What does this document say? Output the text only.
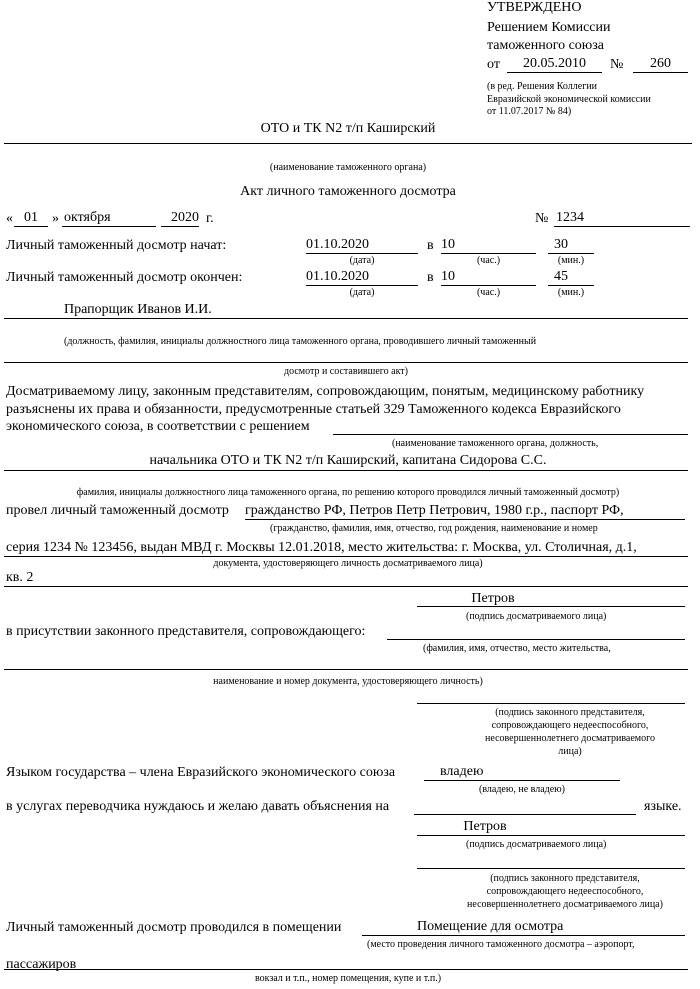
УТВЕРЖДЕНО
Решением Комиссии
таможенного союза
от	20.05.2010	№	260
(в ред. Решения Коллегии
Евразийской экономической комиссии
от 11.07.2017 № 84)
ОТО и ТК N2 т/п Каширский
(наименование таможенного органа)
Акт личного таможенного досмотра
« 01	» октября	2020 г.	№ 1234
Личный таможенный досмотр начат:	01.10.2020	в 10	30
(дата)	(час.)	(мин.)
Личный таможенный досмотр окончен:	01.10.2020	в 10	45
(дата)	(час.)	(мин.)
Прапорщик Иванов И.И.
(должность, фамилия, инициалы должностного лица таможенного органа, проводившего личный таможенный
досмотр и составившего акт)
Досматриваемому лицу, законным представителям, сопровождающим, понятым, медицинскому работнику
разъяснены их права и обязанности, предусмотренные статьей 329 Таможенного кодекса Евразийского
экономического союза, в соответствии с решением
(наименование таможенного органа, должность,
начальника ОТО и ТК N2 т/п Каширский, капитана Сидорова С.С.
фамилия, инициалы должностного лица таможенного органа, по решению которого проводился личный таможенный досмотр)
провел личный таможенный досмотр гражданство РФ, Петров Петр Петрович, 1980 г.р., паспорт РФ,
(гражданство, фамилия, имя, отчество, год рождения, наименование и номер
серия 1234 № 123456, выдан МВД г. Москвы 12.01.2018, место жительства: г. Москва, ул. Столичная, д.1,
документа, удостоверяющего личность досматриваемого лица)
кв. 2
Петров
(подпись досматриваемого лица)
в присутствии законного представителя, сопровождающего:
(фамилия, имя, отчество, место жительства,
наименование и номер документа, удостоверяющего личность)
(подпись законного представителя,
сопровождающего недееспособного,
несовершеннолетнего досматриваемого
лица)
Языком государства – члена Евразийского экономического союза	владею
(владею, не владею)
в услугах переводчика нуждаюсь и желаю давать объяснения на	языке.
Петров
(подпись досматриваемого лица)
(подпись законного представителя,
сопровождающего недееспособного,
несовершеннолетнего досматриваемого лица)
Личный таможенный досмотр проводился в помещении	Помещение для осмотра
(место проведения личного таможенного досмотра – аэропорт,
пассажиров
вокзал и т.п., номер помещения, купе и т.п.)
